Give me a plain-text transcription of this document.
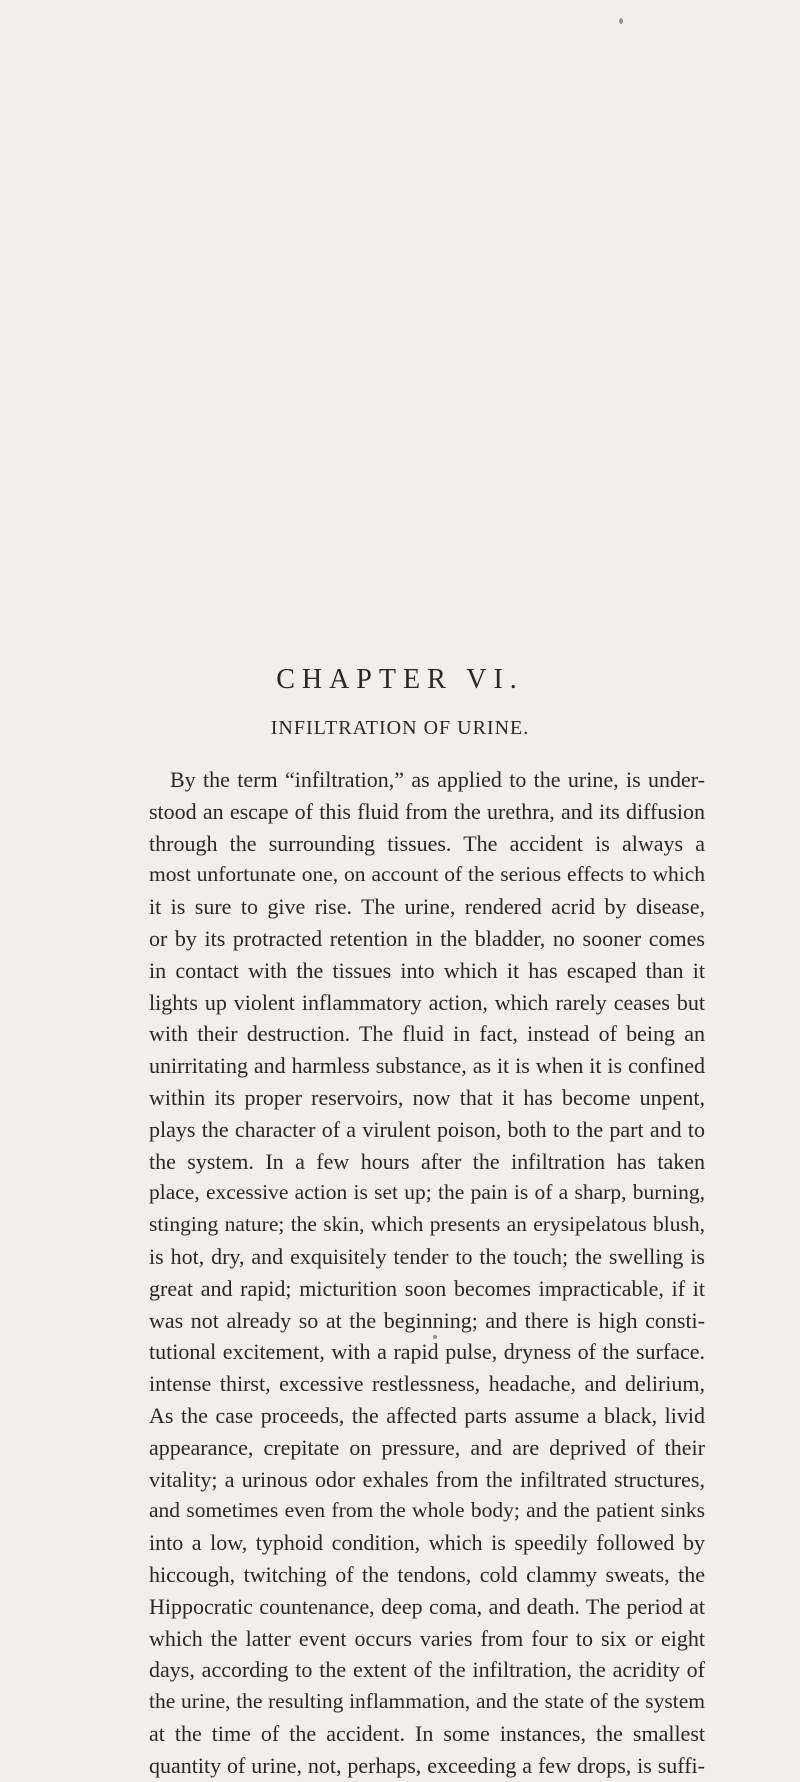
CHAPTER VI.
INFILTRATION OF URINE.
By the term “infiltration,” as applied to the urine, is under-
stood an escape of this fluid from the urethra, and its diffusion
through the surrounding tissues. The accident is always a
most unfortunate one, on account of the serious effects to which
it is sure to give rise. The urine, rendered acrid by disease,
or by its protracted retention in the bladder, no sooner comes
in contact with the tissues into which it has escaped than it
lights up violent inflammatory action, which rarely ceases but
with their destruction. The fluid in fact, instead of being an
unirritating and harmless substance, as it is when it is confined
within its proper reservoirs, now that it has become unpent,
plays the character of a virulent poison, both to the part and to
the system. In a few hours after the infiltration has taken
place, excessive action is set up; the pain is of a sharp, burning,
stinging nature; the skin, which presents an erysipelatous blush,
is hot, dry, and exquisitely tender to the touch; the swelling is
great and rapid; micturition soon becomes impracticable, if it
was not already so at the beginning; and there is high consti-
tutional excitement, with a rapid pulse, dryness of the surface.
intense thirst, excessive restlessness, headache, and delirium,
As the case proceeds, the affected parts assume a black, livid
appearance, crepitate on pressure, and are deprived of their
vitality; a urinous odor exhales from the infiltrated structures,
and sometimes even from the whole body; and the patient sinks
into a low, typhoid condition, which is speedily followed by
hiccough, twitching of the tendons, cold clammy sweats, the
Hippocratic countenance, deep coma, and death. The period at
which the latter event occurs varies from four to six or eight
days, according to the extent of the infiltration, the acridity of
the urine, the resulting inflammation, and the state of the system
at the time of the accident. In some instances, the smallest
quantity of urine, not, perhaps, exceeding a few drops, is suffi-
